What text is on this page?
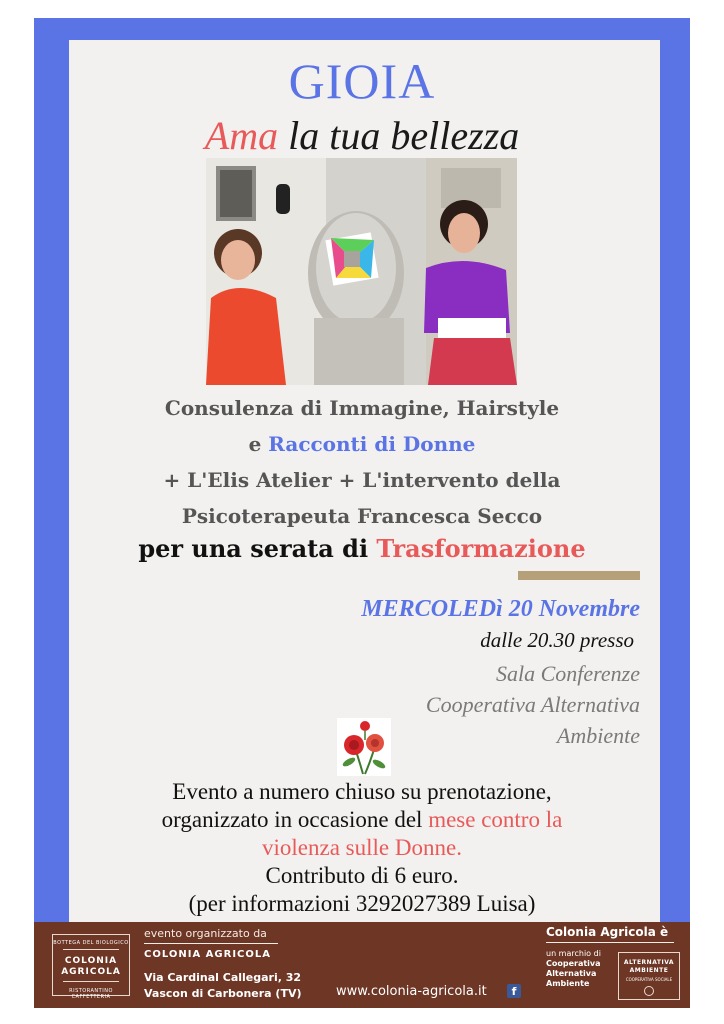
GIOIA
Ama la tua bellezza
Consulenza di Immagine, Hairstyle
e Racconti di Donne
+ L'Elis Atelier + L'intervento della
Psicoterapeuta Francesca Secco
per una serata di Trasformazione
MERCOLEDì 20 Novembre
dalle 20.30 presso
Sala Conferenze
Cooperativa Alternativa
Ambiente
Evento a numero chiuso su prenotazione,
organizzato in occasione del mese contro la
violenza sulle Donne.
Contributo di 6 euro.
(per informazioni 3292027389 Luisa)
BOTTEGA DEL BIOLOGICO
COLONIA
AGRICOLA
RISTORANTINO CAFFETTERIA
evento organizzato da
COLONIA AGRICOLA
Via Cardinal Callegari, 32
Vascon di Carbonera (TV)	www.colonia-agricola.it	f
Colonia Agricola è
un marchio di
Cooperativa
Alternativa
Ambiente
ALTERNATIVA
AMBIENTE
COOPERATIVA SOCIALE
